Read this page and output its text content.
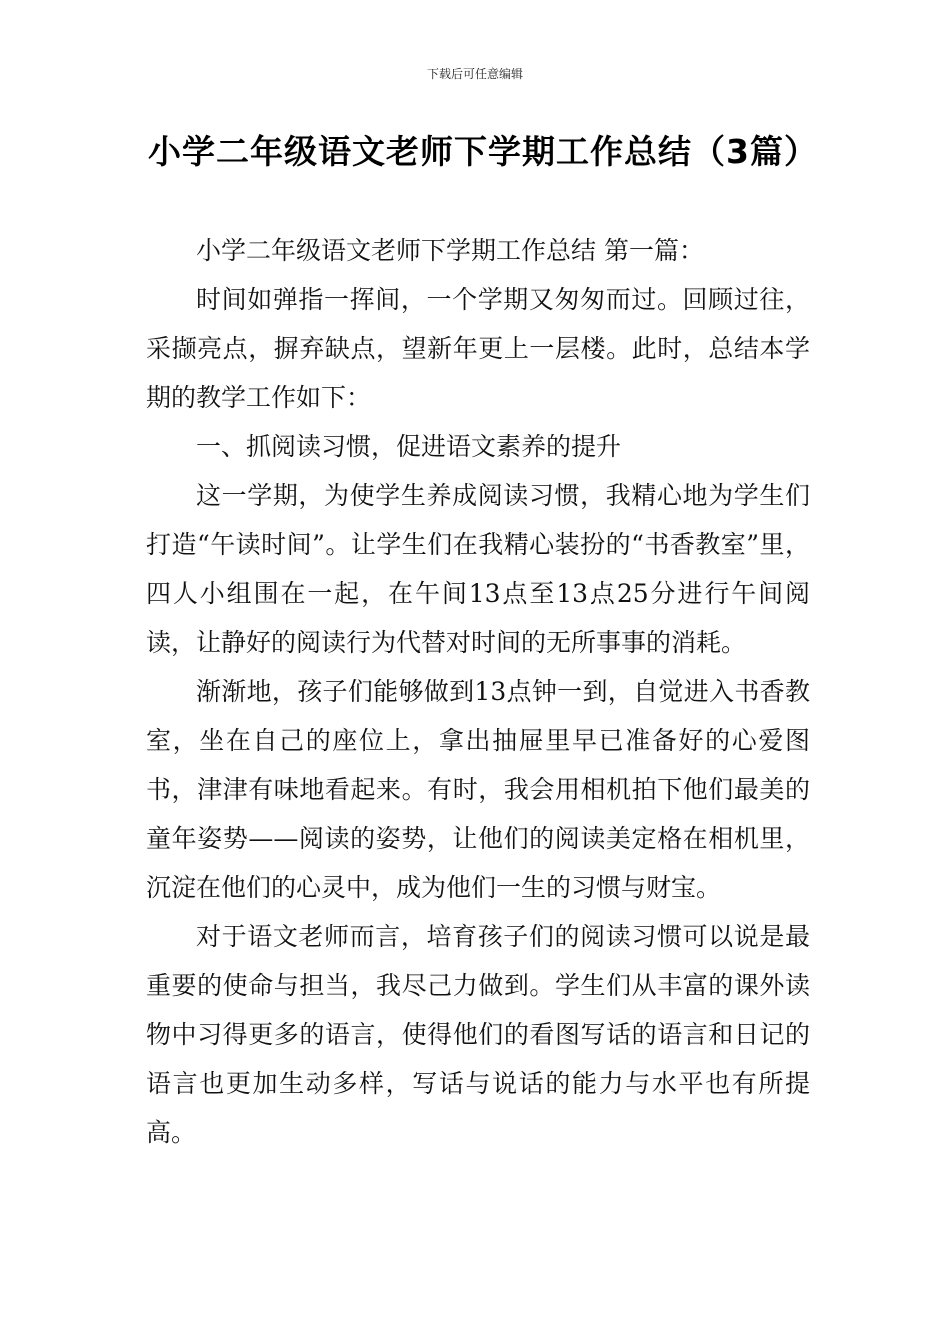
下载后可任意编辑
小学二年级语文老师下学期工作总结（3篇）

小学二年级语文老师下学期工作总结 第一篇：

时间如弹指一挥间，一个学期又匆匆而过。回顾过往，采撷亮点，摒弃缺点，望新年更上一层楼。此时，总结本学期的教学工作如下：

一、抓阅读习惯，促进语文素养的提升

这一学期，为使学生养成阅读习惯，我精心地为学生们打造“午读时间”。让学生们在我精心装扮的“书香教室”里，四人小组围在一起，在午间13点至13点25分进行午间阅读，让静好的阅读行为代替对时间的无所事事的消耗。

渐渐地，孩子们能够做到13点钟一到，自觉进入书香教室，坐在自己的座位上，拿出抽屉里早已准备好的心爱图书，津津有味地看起来。有时，我会用相机拍下他们最美的童年姿势——阅读的姿势，让他们的阅读美定格在相机里，沉淀在他们的心灵中，成为他们一生的习惯与财宝。

对于语文老师而言，培育孩子们的阅读习惯可以说是最重要的使命与担当，我尽己力做到。学生们从丰富的课外读物中习得更多的语言，使得他们的看图写话的语言和日记的语言也更加生动多样，写话与说话的能力与水平也有所提高。
